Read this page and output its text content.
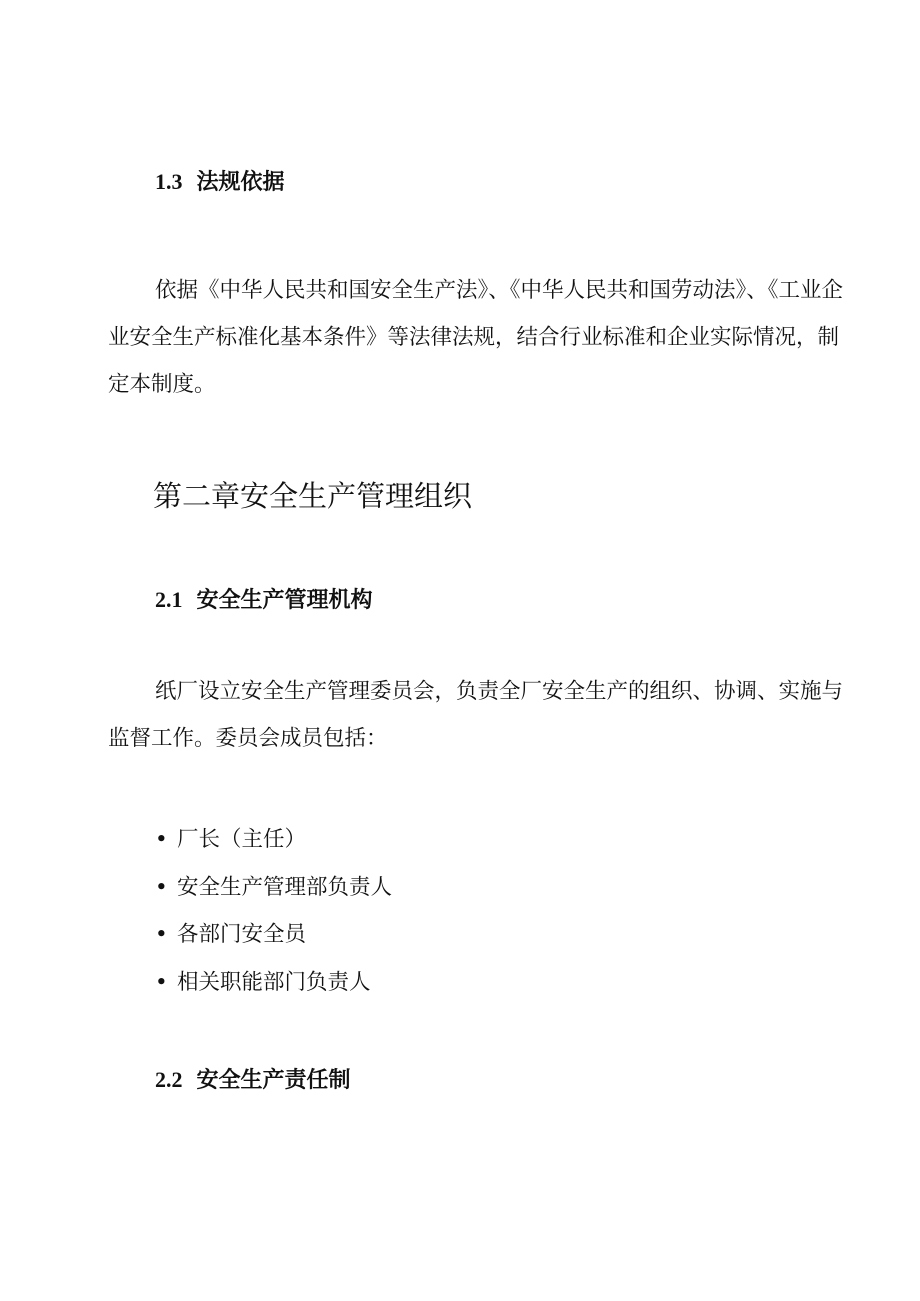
1.3 法规依据

依据《中华人民共和国安全生产法》、《中华人民共和国劳动法》、《工业企业安全生产标准化基本条件》等法律法规，结合行业标准和企业实际情况，制定本制度。

第二章安全生产管理组织
2.1 安全生产管理机构

纸厂设立安全生产管理委员会，负责全厂安全生产的组织、协调、实施与监督工作。委员会成员包括：

• 厂长（主任）
• 安全生产管理部负责人
• 各部门安全员
• 相关职能部门负责人
2.2 安全生产责任制
